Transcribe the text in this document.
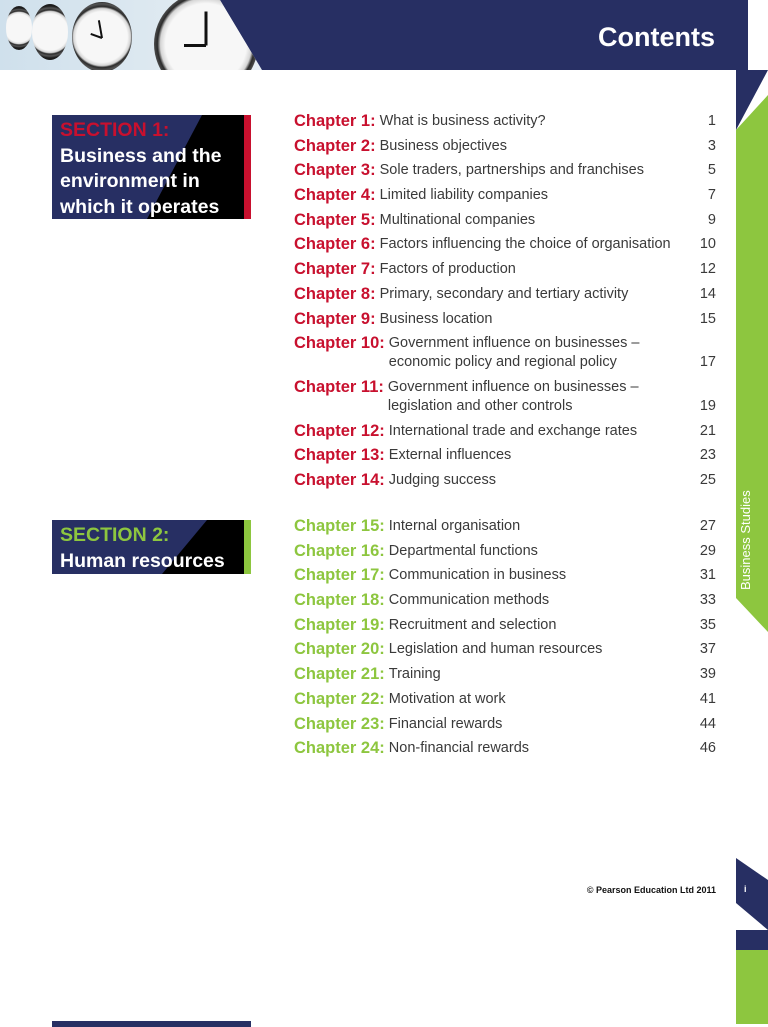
Contents
SECTION 1:
Business and the
environment in
which it operates
Chapter 1: What is business activity?	1
Chapter 2: Business objectives	3
Chapter 3: Sole traders, partnerships and franchises	5
Chapter 4: Limited liability companies	7
Chapter 5: Multinational companies	9
Chapter 6: Factors influencing the choice of organisation	10
Chapter 7: Factors of production	12
Chapter 8: Primary, secondary and tertiary activity	14
Chapter 9: Business location	15
Chapter 10: Government influence on businesses – economic policy and regional policy	17
Chapter 11: Government influence on businesses – legislation and other controls	19
Chapter 12: International trade and exchange rates	21
Chapter 13: External influences	23
Chapter 14: Judging success	25
SECTION 2:
Human resources
Chapter 15: Internal organisation	27
Chapter 16: Departmental functions	29
Chapter 17: Communication in business	31
Chapter 18: Communication methods	33
Chapter 19: Recruitment and selection	35
Chapter 20: Legislation and human resources	37
Chapter 21: Training	39
Chapter 22: Motivation at work	41
Chapter 23: Financial rewards	44
Chapter 24: Non-financial rewards	46
© Pearson Education Ltd 2011	i
